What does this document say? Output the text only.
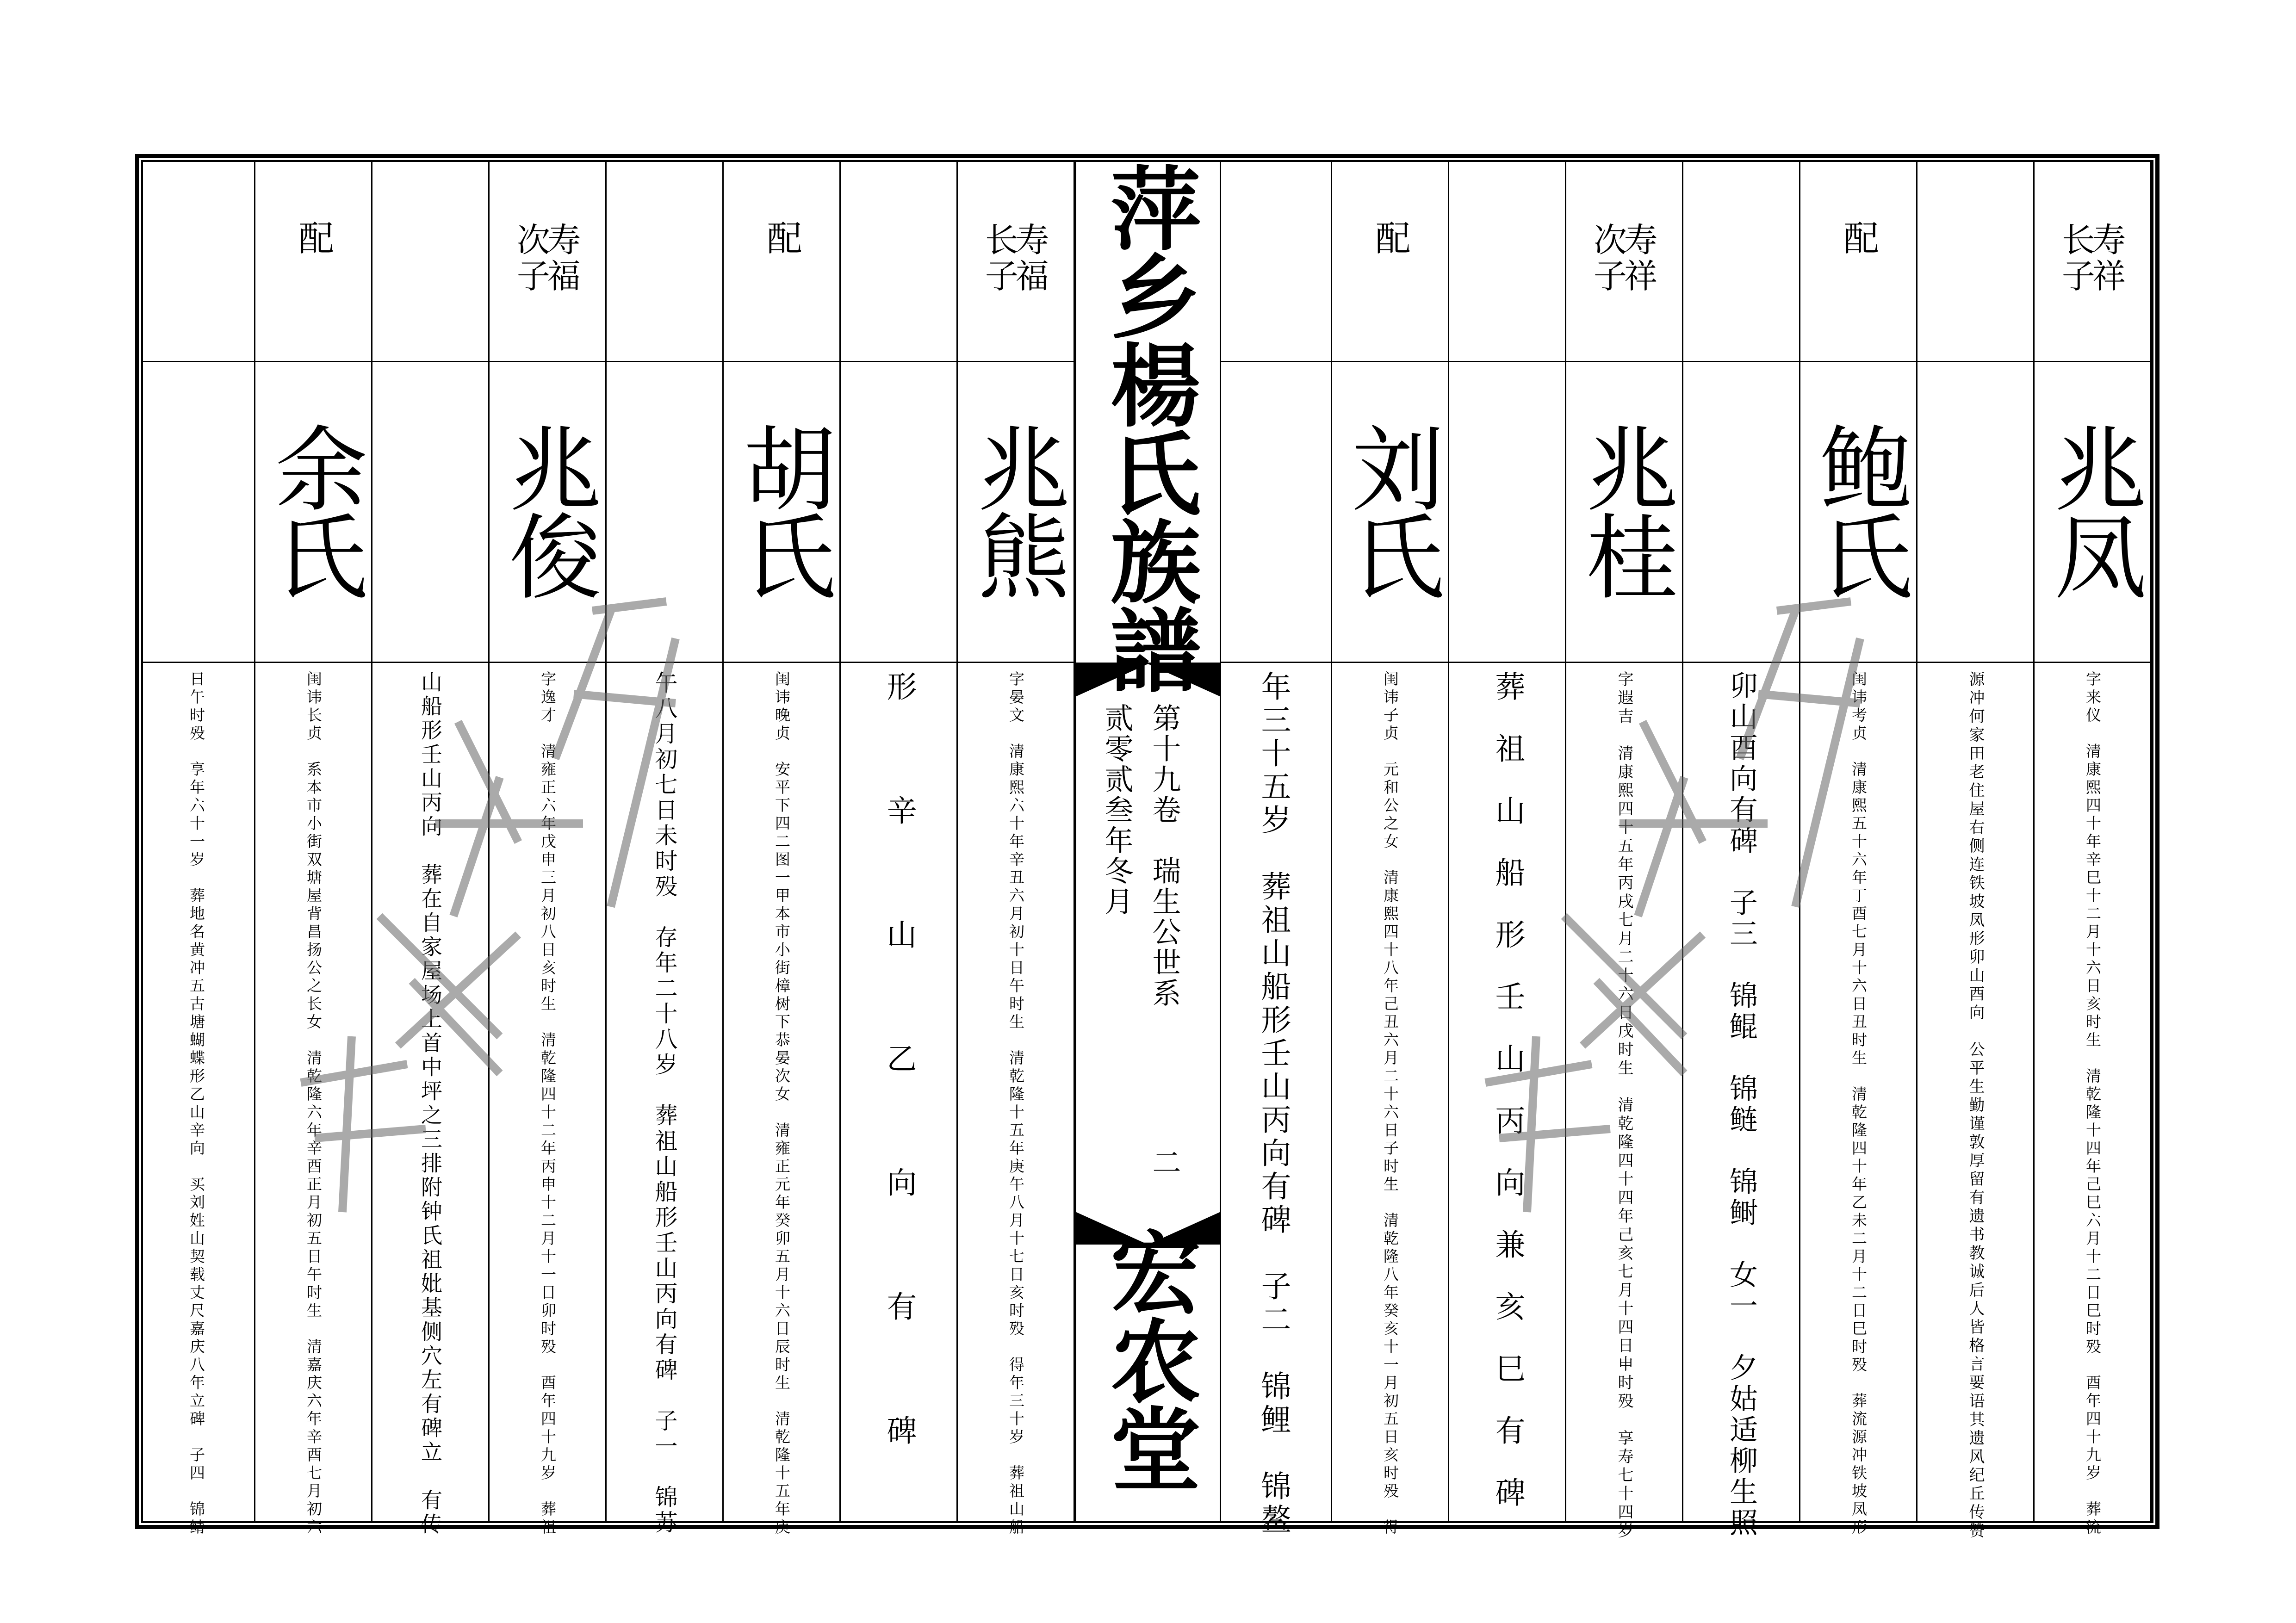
长寿
子祥
兆凤
字来仪　清康熙四十年辛巳十二月十六日亥时生　清乾隆十四年己巳六月十二日巳时殁　酉年四十九岁　葬流
源冲何家田老住屋右侧连铁坡凤形卯山酉向　公平生勤谨敦厚留有遗书教诚后人皆格言要语其遗风纪丘传赞
配
鲍氏
闺讳考贞　清康熙五十六年丁酉七月十六日丑时生　清乾隆四十年乙未二月十二日巳时殁　葬流源冲铁坡凤形
卯山酉向有碑　子三　锦鲲　锦鲢　锦鲥　女一　夕姑适柳生照
次寿
子祥
兆桂
字遐吉　清康熙四十五年丙戌七月二十六日戌时生　清乾隆四十四年己亥七月十四日申时殁　享寿七十四岁
葬祖山船形壬山丙向兼亥巳有碑
配
刘氏
闺讳子贞　元和公之女　清康熙四十八年己丑六月二十六日子时生　清乾隆八年癸亥十一月初五日亥时殁　得
年三十五岁　葬祖山船形壬山丙向有碑　子二　锦鲤　锦鳌
长寿
子福
兆熊
字晏文　清康熙六十年辛丑六月初十日午时生　清乾隆十五年庚午八月十七日亥时殁　得年三十岁　葬祖山船
形辛山乙向有碑
配
胡氏
闺讳晚贞　安平下四二图一甲本市小街樟树下恭晏次女　清雍正元年癸卯五月十六日辰时生　清乾隆十五年庚
午八月初七日未时殁　存年二十八岁　葬祖山船形壬山丙向有碑　子一　锦苏
次寿
子福
兆俊
字逸才　清雍正六年戊申三月初八日亥时生　清乾隆四十二年丙申十二月十一日卯时殁　酉年四十九岁　葬祖
山船形壬山丙向　葬在自家屋场上首中坪之三排附钟氏祖妣基侧穴左有碑立　有传
配
余氏
闺讳长贞　系本市小街双塘屋背昌扬公之长女　清乾隆六年辛酉正月初五日午时生　清嘉庆六年辛酉七月初六
日午时殁　享年六十一岁　葬地名黄冲五古塘蝴蝶形乙山辛向　买刘姓山契载丈尺嘉庆八年立碑　子四　锦鲭
萍乡楊氏族譜
第十九卷　瑞生公世系
贰零贰叁年冬月
二
宏农堂
